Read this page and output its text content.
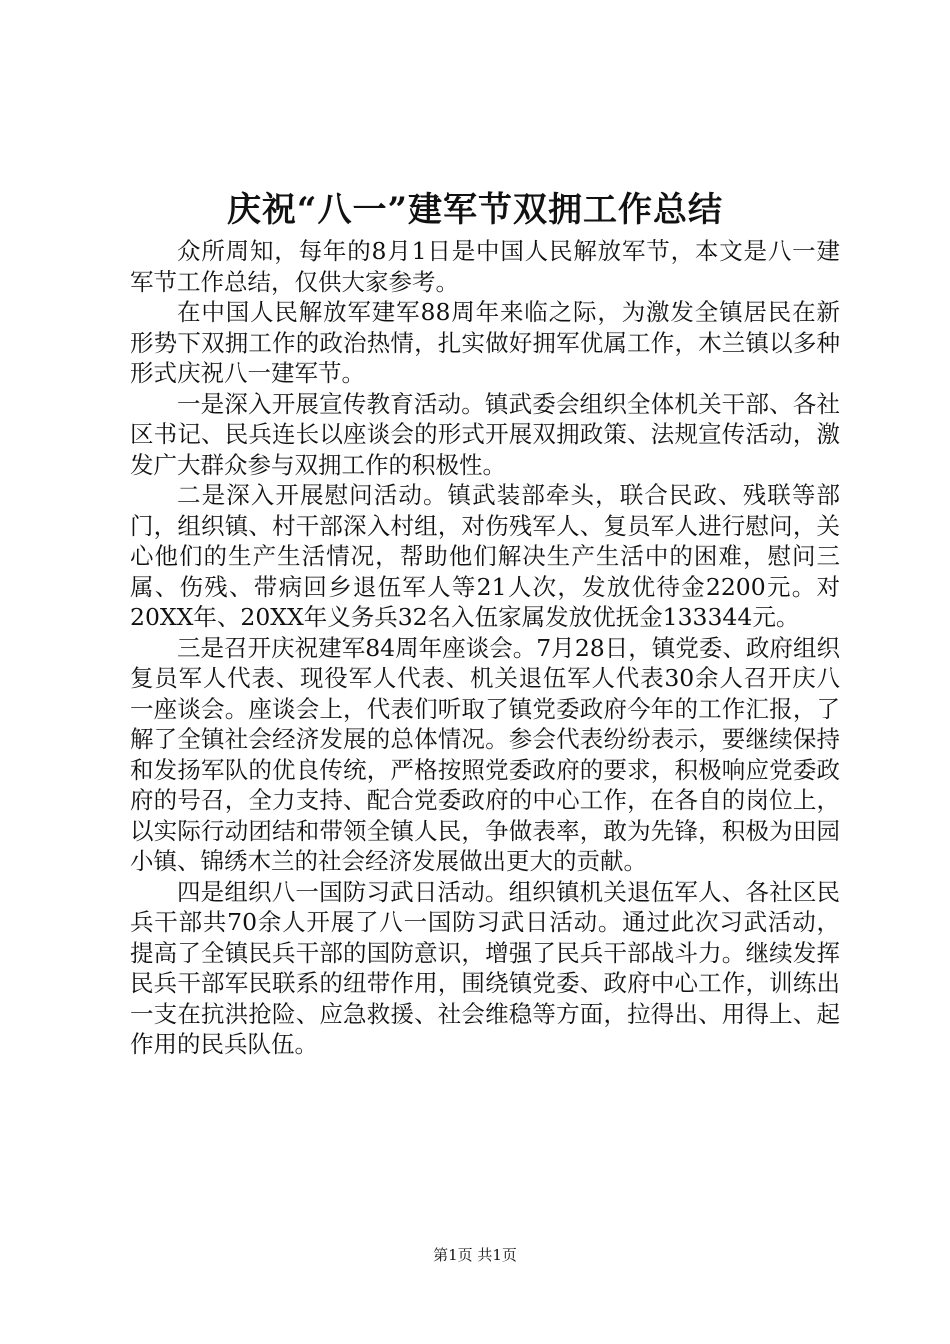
庆祝“八一”建军节双拥工作总结

众所周知，每年的8月1日是中国人民解放军节，本文是八一建军节工作总结，仅供大家参考。

在中国人民解放军建军88周年来临之际，为激发全镇居民在新形势下双拥工作的政治热情，扎实做好拥军优属工作，木兰镇以多种形式庆祝八一建军节。

一是深入开展宣传教育活动。镇武委会组织全体机关干部、各社区书记、民兵连长以座谈会的形式开展双拥政策、法规宣传活动，激发广大群众参与双拥工作的积极性。

二是深入开展慰问活动。镇武装部牵头，联合民政、残联等部门，组织镇、村干部深入村组，对伤残军人、复员军人进行慰问，关心他们的生产生活情况，帮助他们解决生产生活中的困难，慰问三属、伤残、带病回乡退伍军人等21人次，发放优待金2200元。对20XX年、20XX年义务兵32名入伍家属发放优抚金133344元。

三是召开庆祝建军84周年座谈会。7月28日，镇党委、政府组织复员军人代表、现役军人代表、机关退伍军人代表30余人召开庆八一座谈会。座谈会上，代表们听取了镇党委政府今年的工作汇报，了解了全镇社会经济发展的总体情况。参会代表纷纷表示，要继续保持和发扬军队的优良传统，严格按照党委政府的要求，积极响应党委政府的号召，全力支持、配合党委政府的中心工作，在各自的岗位上，以实际行动团结和带领全镇人民，争做表率，敢为先锋，积极为田园小镇、锦绣木兰的社会经济发展做出更大的贡献。

四是组织八一国防习武日活动。组织镇机关退伍军人、各社区民兵干部共70余人开展了八一国防习武日活动。通过此次习武活动，提高了全镇民兵干部的国防意识，增强了民兵干部战斗力。继续发挥民兵干部军民联系的纽带作用，围绕镇党委、政府中心工作，训练出一支在抗洪抢险、应急救援、社会维稳等方面，拉得出、用得上、起作用的民兵队伍。

第1页 共1页
